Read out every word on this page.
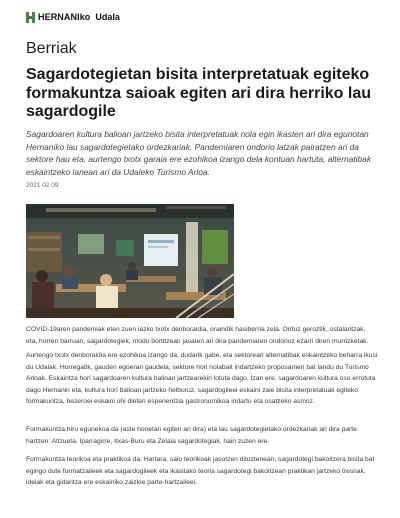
HERNANIko Udala
Berriak
Sagardotegietan bisita interpretatuak egiteko formakuntza saioak egiten ari dira herriko lau sagardogile

Sagardoaren kultura balioan jartzeko bisita interpretatuak nola egin ikasten ari dira egunotan Hernaniko lau sagardotegietako ordezkariak. Pandemiaren ondorio latzak pairatzen ari da sektore hau eta, aurtengo txotx garaia ere ezohikoa izango dela kontuan hartuta, alternatibak eskaintzeko lanean ari da Udaleko Turismo Arloa.

2021 02 09

COVID-19aren pandemiak eten zuen iazko txotx denboraldia, oraindik hasiberria zela. Orduz geroztik, ostalaritzak, eta, horren barruan, sagardotegiek, modu bortitzean jasaten ari dira pandemiaren ondorioz ezarri diren murrizketak.

Aurtengo txotx denboraldia ere ezohikoa izango da, dudarik gabe, eta sektoreari alternatibak eskaintzeko beharra ikusi du Udalak. Horregatik, gauden egoeran gaudela, sektore hori nolabait indartzeko proposamen bat landu du Turismo Arloak. Eskaintza hori sagardoaren kultura balioan jartzearekin lotuta dago. Izan ere, sagardoaren kultura oso errotuta dago Hernanin eta, kultura hori balioan jartzeko helburuz, sagardogileei eskaini zaie bisita interpretatuak egiteko formakuntza, bezeroei eskaini ohi dieten esperientzia gastronomikoa indartu eta osatzeko asmoz.

Formakuntza hiru egunekoa da (aste honetan egiten ari dira) eta lau sagardotegietako ordezkariak ari dira parte hartzen: Altzueta, Iparragirre, Itxas-Buru eta Zelaia sagardotegiak, hain zuzen ere.

Formakuntza teorikoa eta praktikoa da. Hartara, saio teorikoak jasotzen dituztenean, sagardotegi bakoitzera bisita bat egingo dute formatzaileek eta sagardogileek eta ikasitako teoria sagardotegi bakoitzean praktikan jartzeko tresnak, ideiak eta gidaritza ere eskainiko zaizkie parte-hartzaileei.
